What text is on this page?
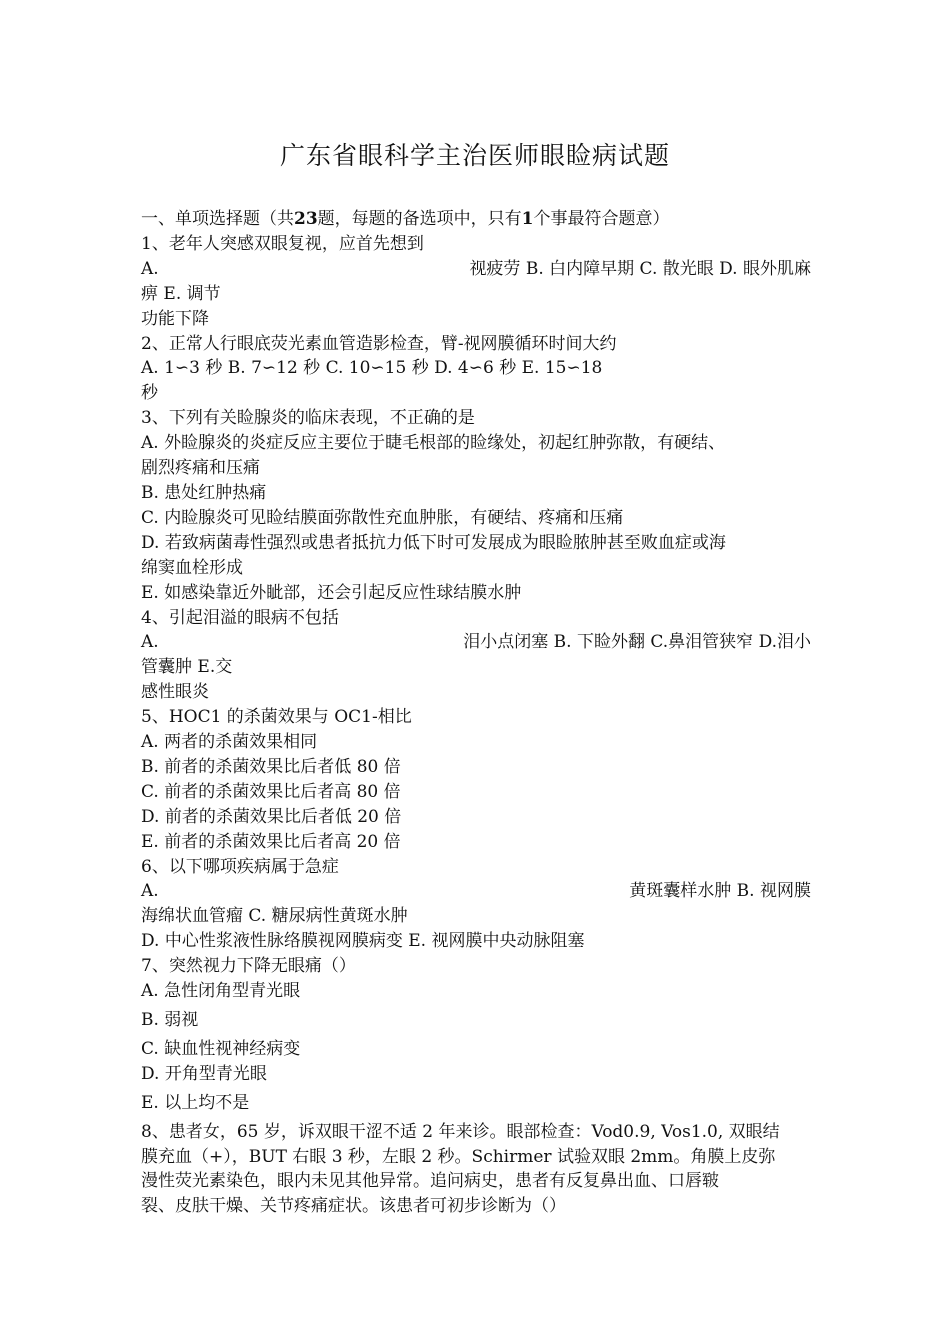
广东省眼科学主治医师眼睑病试题
一、单项选择题（共23题，每题的备选项中，只有1个事最符合题意）
1、老年人突感双眼复视，应首先想到
A.	视疲劳 B. 白内障早期 C. 散光眼 D. 眼外肌麻
痹 E. 调节
功能下降
2、正常人行眼底荧光素血管造影检查，臂-视网膜循环时间大约
A. 1∽3 秒 B. 7∽12 秒 C. 10∽15 秒 D. 4∽6 秒 E. 15∽18
秒
3、下列有关睑腺炎的临床表现，不正确的是
A. 外睑腺炎的炎症反应主要位于睫毛根部的睑缘处，初起红肿弥散，有硬结、
剧烈疼痛和压痛
B. 患处红肿热痛
C. 内睑腺炎可见睑结膜面弥散性充血肿胀，有硬结、疼痛和压痛
D. 若致病菌毒性强烈或患者抵抗力低下时可发展成为眼睑脓肿甚至败血症或海
绵窦血栓形成
E. 如感染靠近外眦部，还会引起反应性球结膜水肿
4、引起泪溢的眼病不包括
A.	泪小点闭塞 B. 下睑外翻 C.鼻泪管狭窄 D.泪小
管囊肿 E.交
感性眼炎
5、HOC1 的杀菌效果与 OC1-相比
A. 两者的杀菌效果相同
B. 前者的杀菌效果比后者低 80 倍
C. 前者的杀菌效果比后者高 80 倍
D. 前者的杀菌效果比后者低 20 倍
E. 前者的杀菌效果比后者高 20 倍
6、以下哪项疾病属于急症
A.	黄斑囊样水肿 B. 视网膜
海绵状血管瘤 C. 糖尿病性黄斑水肿
D. 中心性浆液性脉络膜视网膜病变 E. 视网膜中央动脉阻塞
7、突然视力下降无眼痛（）
A. 急性闭角型青光眼
B. 弱视
C. 缺血性视神经病变
D. 开角型青光眼
E. 以上均不是
8、患者女，65 岁，诉双眼干涩不适 2 年来诊。眼部检查：Vod0.9, Vos1.0, 双眼结
膜充血（+），BUT 右眼 3 秒，左眼 2 秒。Schirmer 试验双眼 2mm。角膜上皮弥
漫性荧光素染色，眼内未见其他异常。追问病史，患者有反复鼻出血、口唇皲
裂、皮肤干燥、关节疼痛症状。该患者可初步诊断为（）
